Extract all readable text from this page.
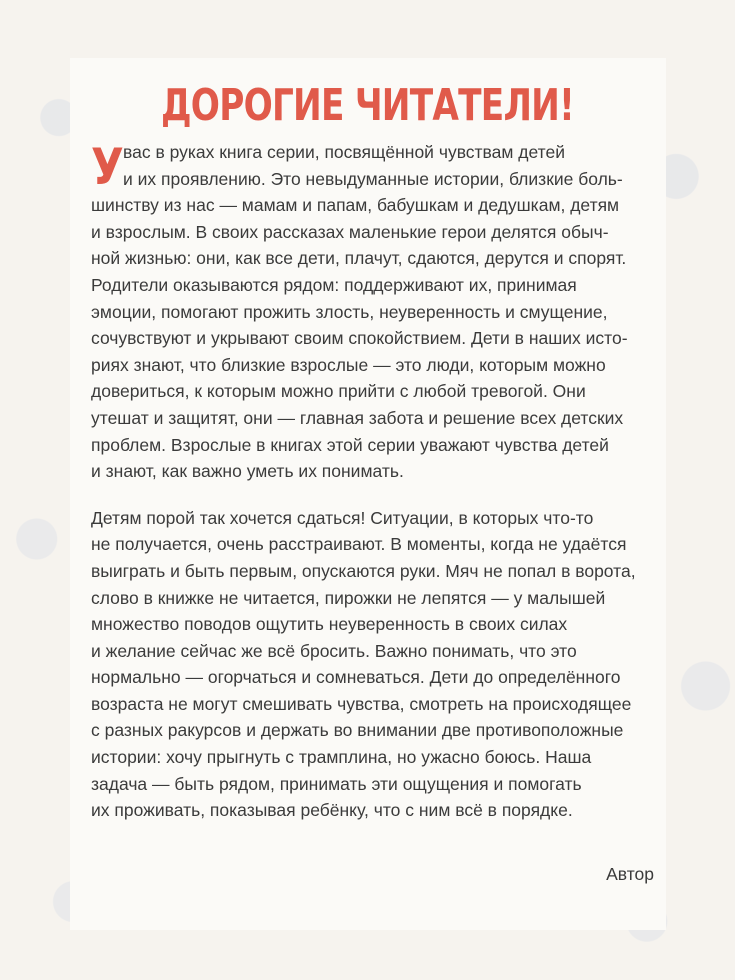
ДОРОГИЕ ЧИТАТЕЛИ!
У вас в руках книга серии, посвящённой чувствам детей
и их проявлению. Это невыдуманные истории, близкие боль-
шинству из нас — мамам и папам, бабушкам и дедушкам, детям
и взрослым. В своих рассказах маленькие герои делятся обыч-
ной жизнью: они, как все дети, плачут, сдаются, дерутся и спорят.
Родители оказываются рядом: поддерживают их, принимая
эмоции, помогают прожить злость, неуверенность и смущение,
сочувствуют и укрывают своим спокойствием. Дети в наших исто-
риях знают, что близкие взрослые — это люди, которым можно
довериться, к которым можно прийти с любой тревогой. Они
утешат и защитят, они — главная забота и решение всех детских
проблем. Взрослые в книгах этой серии уважают чувства детей
и знают, как важно уметь их понимать.
Детям порой так хочется сдаться! Ситуации, в которых что-то
не получается, очень расстраивают. В моменты, когда не удаётся
выиграть и быть первым, опускаются руки. Мяч не попал в ворота,
слово в книжке не читается, пирожки не лепятся — у малышей
множество поводов ощутить неуверенность в своих силах
и желание сейчас же всё бросить. Важно понимать, что это
нормально — огорчаться и сомневаться. Дети до определённого
возраста не могут смешивать чувства, смотреть на происходящее
с разных ракурсов и держать во внимании две противоположные
истории: хочу прыгнуть с трамплина, но ужасно боюсь. Наша
задача — быть рядом, принимать эти ощущения и помогать
их проживать, показывая ребёнку, что с ним всё в порядке.
Автор
